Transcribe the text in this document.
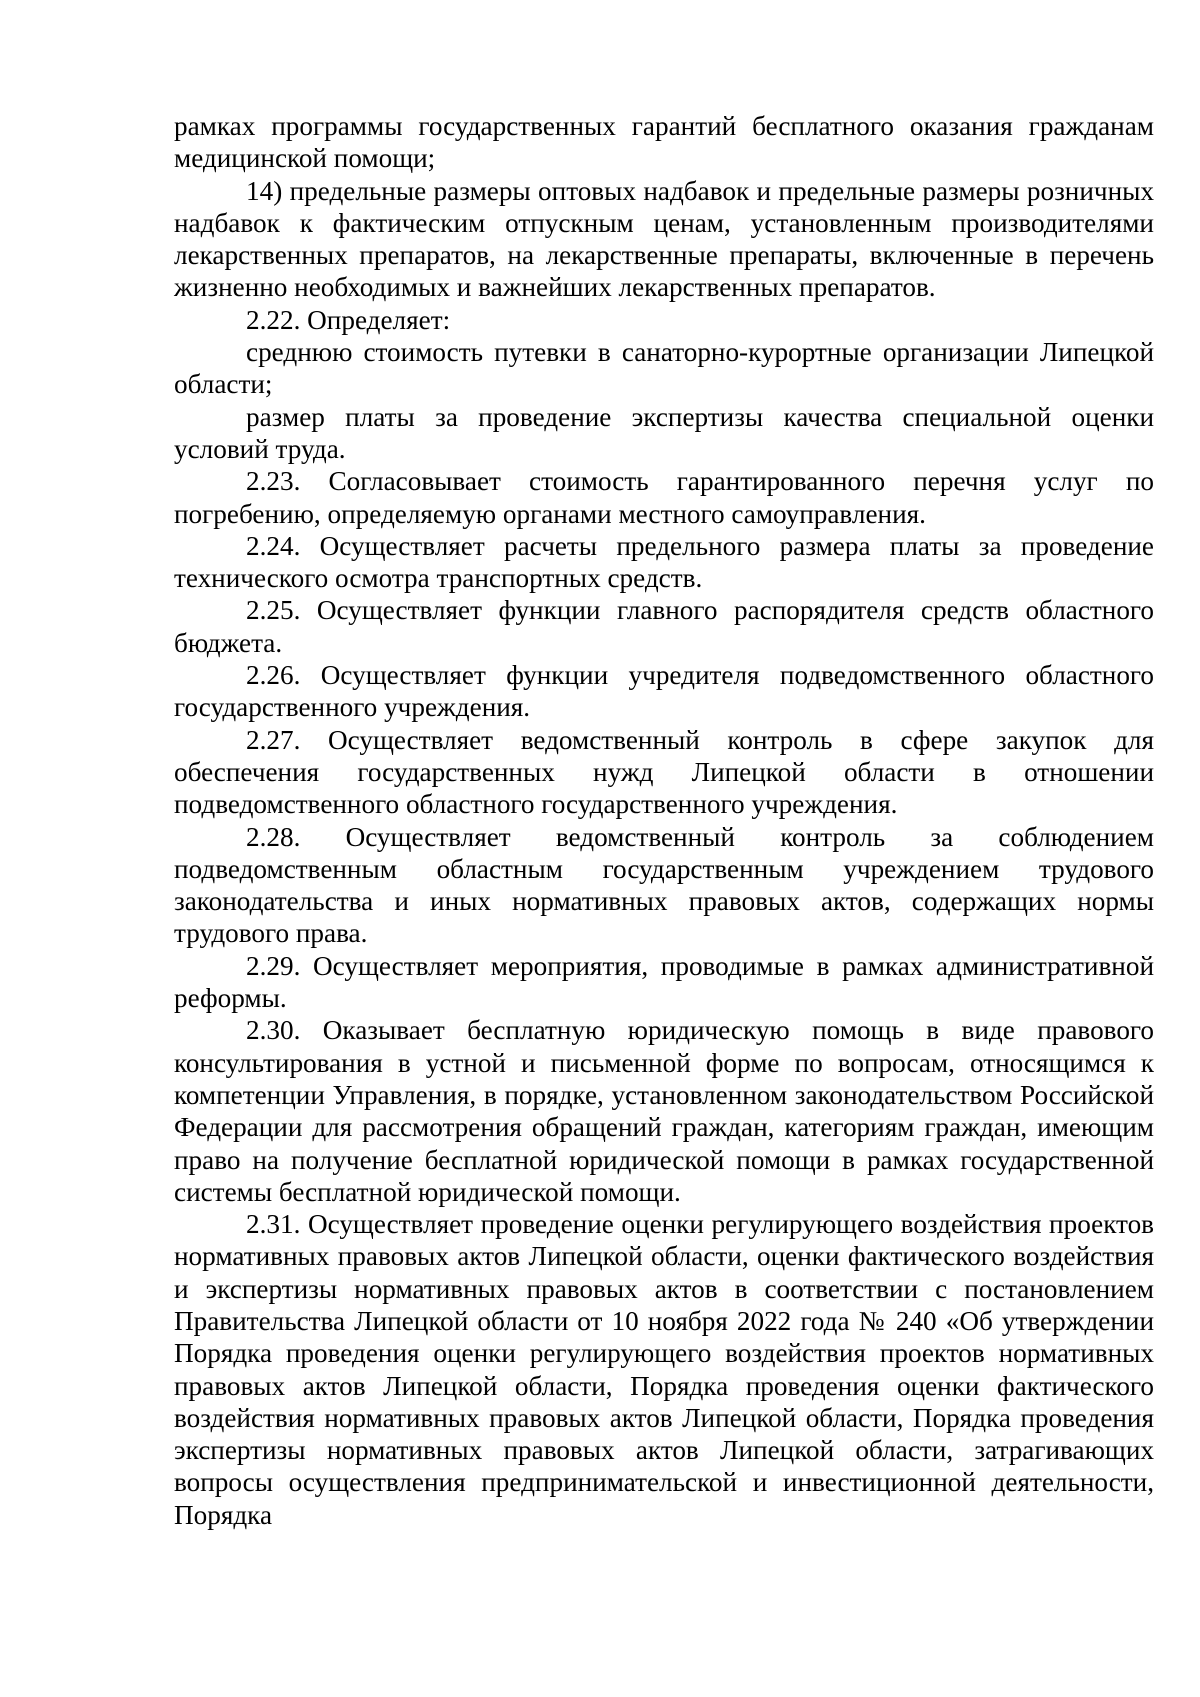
рамках программы государственных гарантий бесплатного оказания гражданам медицинской помощи;

14) предельные размеры оптовых надбавок и предельные размеры розничных надбавок к фактическим отпускным ценам, установленным производителями лекарственных препаратов, на лекарственные препараты, включенные в перечень жизненно необходимых и важнейших лекарственных препаратов.

2.22. Определяет:

среднюю стоимость путевки в санаторно-курортные организации Липецкой области;

размер платы за проведение экспертизы качества специальной оценки условий труда.

2.23. Согласовывает стоимость гарантированного перечня услуг по погребению, определяемую органами местного самоуправления.

2.24. Осуществляет расчеты предельного размера платы за проведение технического осмотра транспортных средств.

2.25. Осуществляет функции главного распорядителя средств областного бюджета.

2.26. Осуществляет функции учредителя подведомственного областного государственного учреждения.

2.27. Осуществляет ведомственный контроль в сфере закупок для обеспечения государственных нужд Липецкой области в отношении подведомственного областного государственного учреждения.

2.28. Осуществляет ведомственный контроль за соблюдением подведомственным областным государственным учреждением трудового законодательства и иных нормативных правовых актов, содержащих нормы трудового права.

2.29. Осуществляет мероприятия, проводимые в рамках административной реформы.

2.30. Оказывает бесплатную юридическую помощь в виде правового консультирования в устной и письменной форме по вопросам, относящимся к компетенции Управления, в порядке, установленном законодательством Российской Федерации для рассмотрения обращений граждан, категориям граждан, имеющим право на получение бесплатной юридической помощи в рамках государственной системы бесплатной юридической помощи.

2.31. Осуществляет проведение оценки регулирующего воздействия проектов нормативных правовых актов Липецкой области, оценки фактического воздействия и экспертизы нормативных правовых актов в соответствии с постановлением Правительства Липецкой области от 10 ноября 2022 года № 240 «Об утверждении Порядка проведения оценки регулирующего воздействия проектов нормативных правовых актов Липецкой области, Порядка проведения оценки фактического воздействия нормативных правовых актов Липецкой области, Порядка проведения экспертизы нормативных правовых актов Липецкой области, затрагивающих вопросы осуществления предпринимательской и инвестиционной деятельности, Порядка
